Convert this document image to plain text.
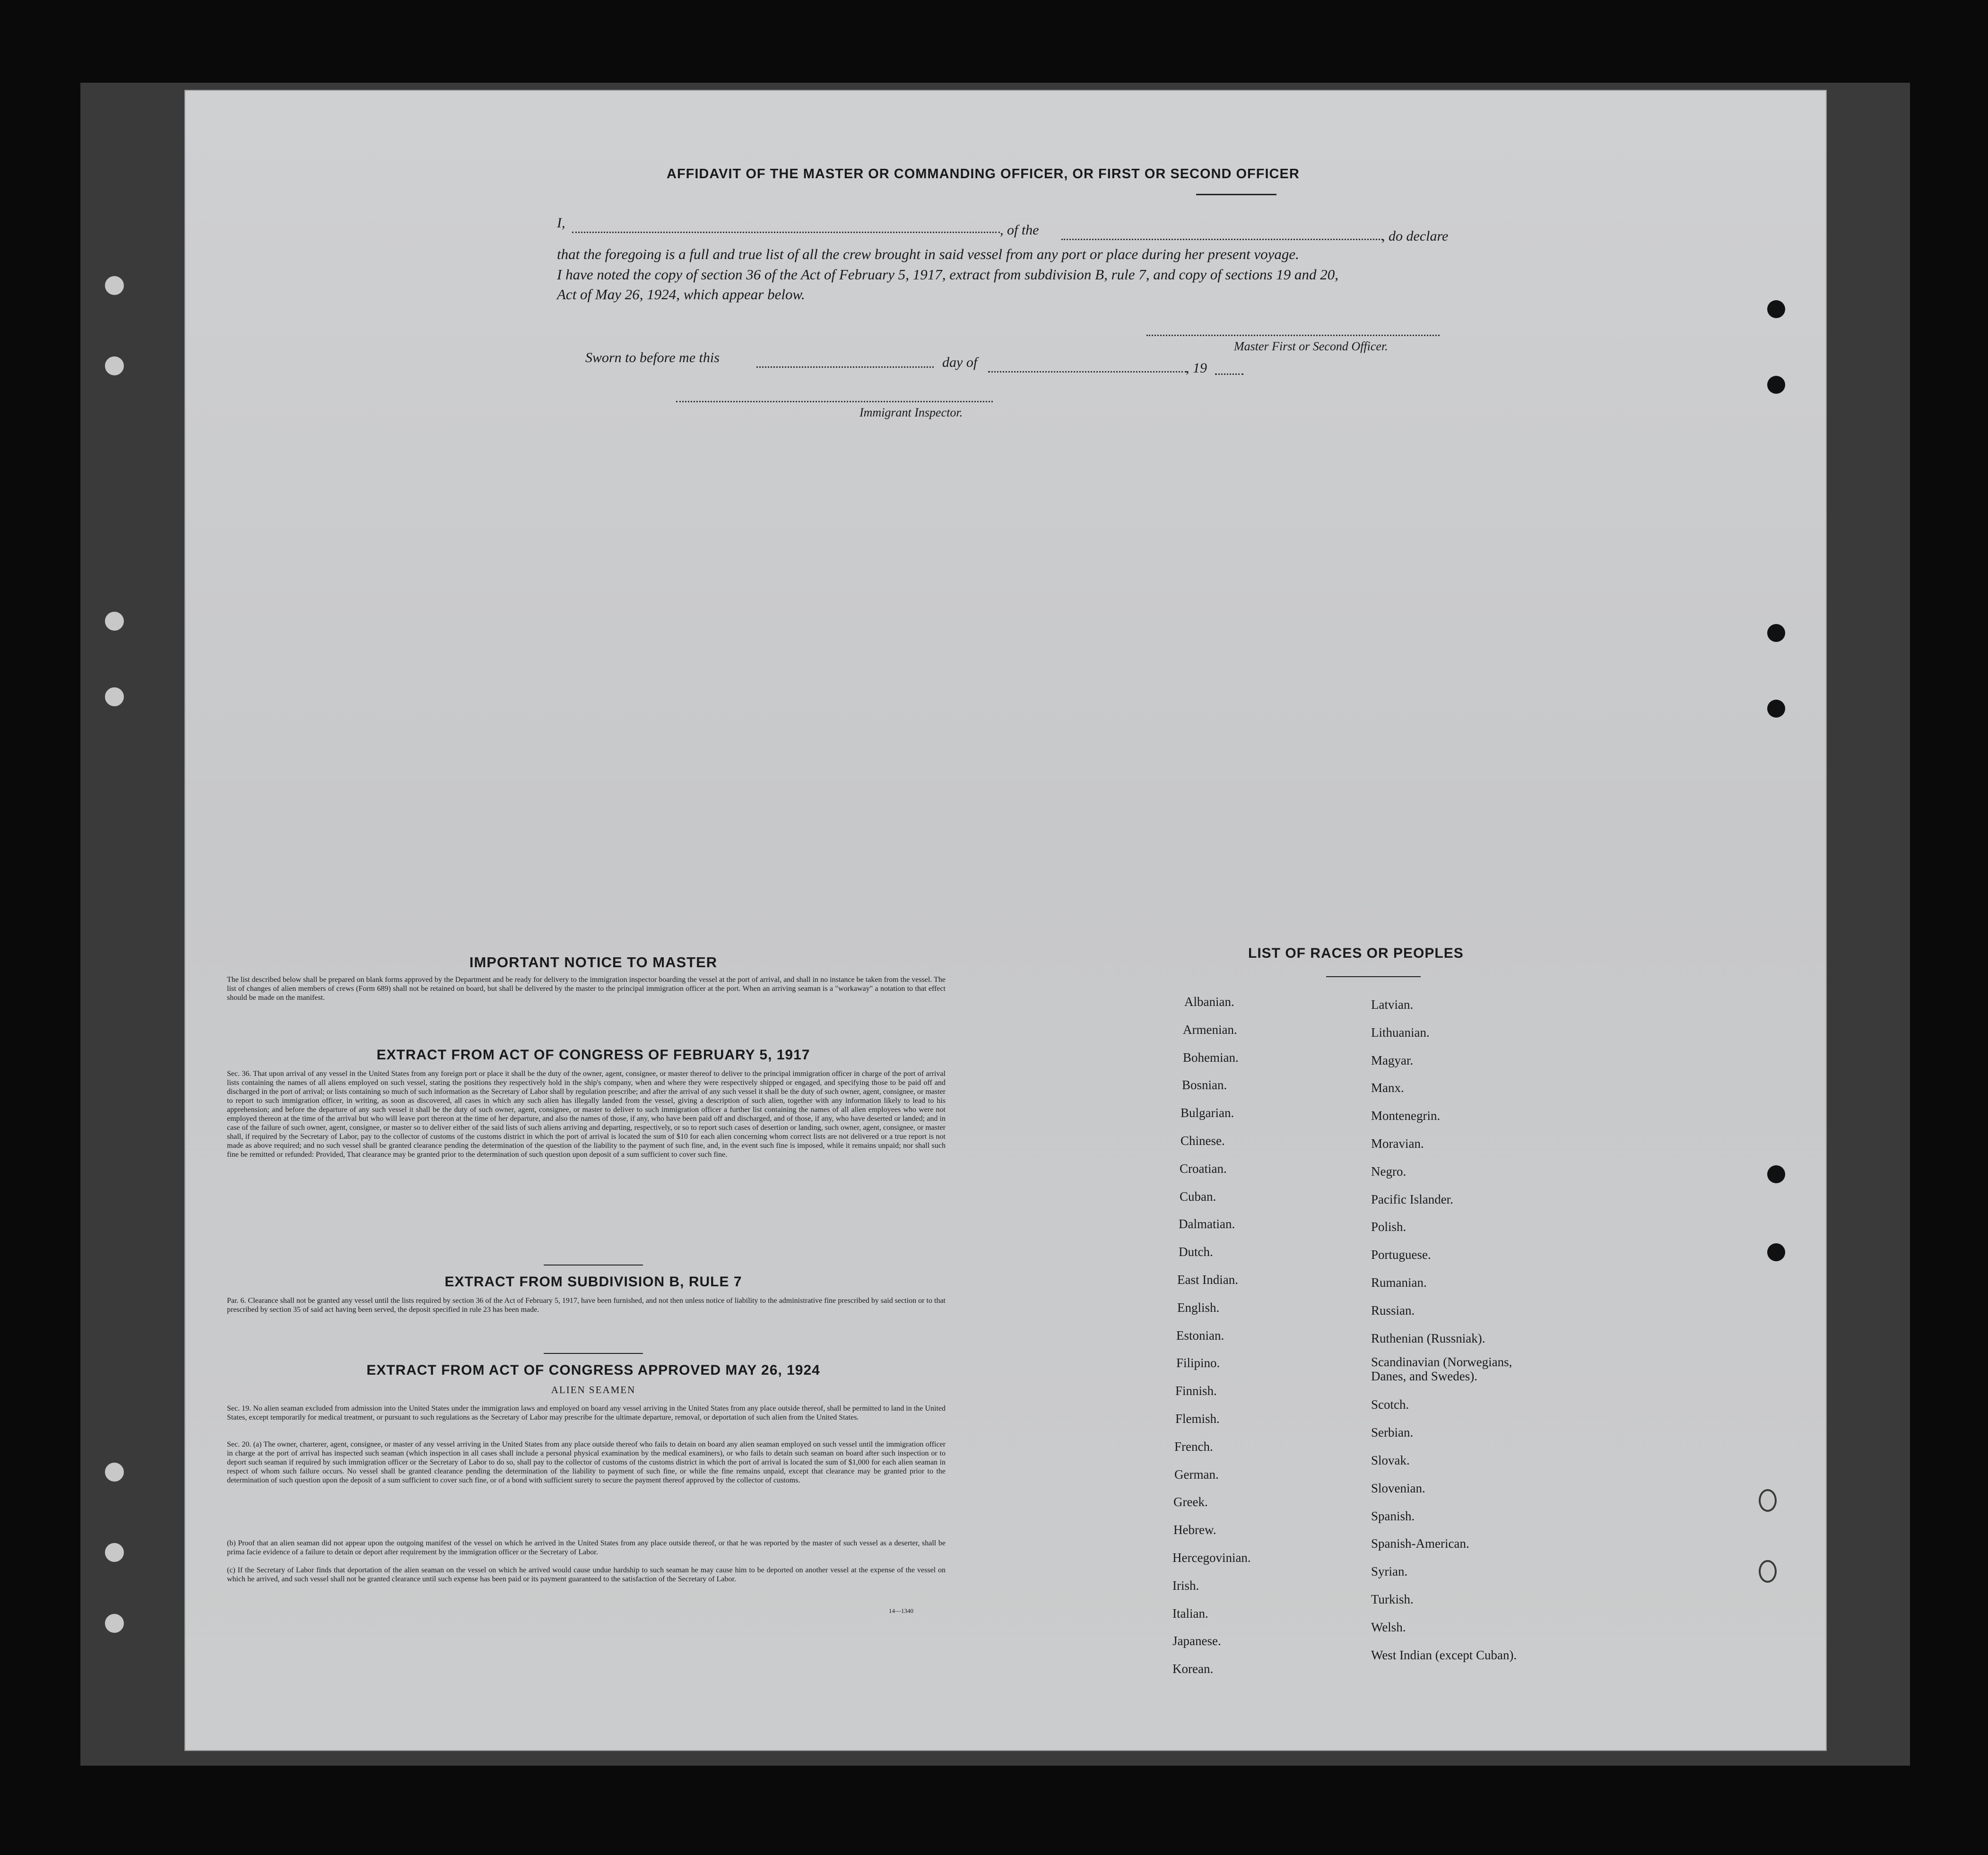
AFFIDAVIT OF THE MASTER OR COMMANDING OFFICER, OR FIRST OR SECOND OFFICER
I,	, of the	, do declare
that the foregoing is a full and true list of all the crew brought in said vessel from any port or place during her present voyage.
I have noted the copy of section 36 of the Act of February 5, 1917, extract from subdivision B, rule 7, and copy of sections 19 and 20,
Act of May 26, 1924, which appear below.
Master First or Second Officer.
Sworn to before me this	day of	, 19
Immigrant Inspector.
IMPORTANT NOTICE TO MASTER
The list described below shall be prepared on blank forms approved by the Department and be ready for delivery to the immigration inspector boarding the vessel at the port of arrival, and shall in no instance be taken from the vessel. The list of changes of alien members of crews (Form 689) shall not be retained on board, but shall be delivered by the master to the principal immigration officer at the port. When an arriving seaman is a "workaway" a notation to that effect should be made on the manifest.
EXTRACT FROM ACT OF CONGRESS OF FEBRUARY 5, 1917
Sec. 36. That upon arrival of any vessel in the United States from any foreign port or place it shall be the duty of the owner, agent, consignee, or master thereof to deliver to the principal immigration officer in charge of the port of arrival lists containing the names of all aliens employed on such vessel, stating the positions they respectively hold in the ship's company, when and where they were respectively shipped or engaged, and specifying those to be paid off and discharged in the port of arrival; or lists containing so much of such information as the Secretary of Labor shall by regulation prescribe; and after the arrival of any such vessel it shall be the duty of such owner, agent, consignee, or master to report to such immigration officer, in writing, as soon as discovered, all cases in which any such alien has illegally landed from the vessel, giving a description of such alien, together with any information likely to lead to his apprehension; and before the departure of any such vessel it shall be the duty of such owner, agent, consignee, or master to deliver to such immigration officer a further list containing the names of all alien employees who were not employed thereon at the time of the arrival but who will leave port thereon at the time of her departure, and also the names of those, if any, who have been paid off and discharged, and of those, if any, who have deserted or landed; and in case of the failure of such owner, agent, consignee, or master so to deliver either of the said lists of such aliens arriving and departing, respectively, or so to report such cases of desertion or landing, such owner, agent, consignee, or master shall, if required by the Secretary of Labor, pay to the collector of customs of the customs district in which the port of arrival is located the sum of $10 for each alien concerning whom correct lists are not delivered or a true report is not made as above required; and no such vessel shall be granted clearance pending the determination of the question of the liability to the payment of such fine, and, in the event such fine is imposed, while it remains unpaid; nor shall such fine be remitted or refunded: Provided, That clearance may be granted prior to the determination of such question upon deposit of a sum sufficient to cover such fine.
EXTRACT FROM SUBDIVISION B, RULE 7
Par. 6. Clearance shall not be granted any vessel until the lists required by section 36 of the Act of February 5, 1917, have been furnished, and not then unless notice of liability to the administrative fine prescribed by said section or to that prescribed by section 35 of said act having been served, the deposit specified in rule 23 has been made.
EXTRACT FROM ACT OF CONGRESS APPROVED MAY 26, 1924
ALIEN SEAMEN
Sec. 19. No alien seaman excluded from admission into the United States under the immigration laws and employed on board any vessel arriving in the United States from any place outside thereof, shall be permitted to land in the United States, except temporarily for medical treatment, or pursuant to such regulations as the Secretary of Labor may prescribe for the ultimate departure, removal, or deportation of such alien from the United States.
Sec. 20. (a) The owner, charterer, agent, consignee, or master of any vessel arriving in the United States from any place outside thereof who fails to detain on board any alien seaman employed on such vessel until the immigration officer in charge at the port of arrival has inspected such seaman (which inspection in all cases shall include a personal physical examination by the medical examiners), or who fails to detain such seaman on board after such inspection or to deport such seaman if required by such immigration officer or the Secretary of Labor to do so, shall pay to the collector of customs of the customs district in which the port of arrival is located the sum of $1,000 for each alien seaman in respect of whom such failure occurs. No vessel shall be granted clearance pending the determination of the liability to payment of such fine, or while the fine remains unpaid, except that clearance may be granted prior to the determination of such question upon the deposit of a sum sufficient to cover such fine, or of a bond with sufficient surety to secure the payment thereof approved by the collector of customs.
(b) Proof that an alien seaman did not appear upon the outgoing manifest of the vessel on which he arrived in the United States from any place outside thereof, or that he was reported by the master of such vessel as a deserter, shall be prima facie evidence of a failure to detain or deport after requirement by the immigration officer or the Secretary of Labor.
(c) If the Secretary of Labor finds that deportation of the alien seaman on the vessel on which he arrived would cause undue hardship to such seaman he may cause him to be deported on another vessel at the expense of the vessel on which he arrived, and such vessel shall not be granted clearance until such expense has been paid or its payment guaranteed to the satisfaction of the Secretary of Labor.
14—1340
LIST OF RACES OR PEOPLES
Albanian.
Armenian.
Bohemian.
Bosnian.
Bulgarian.
Chinese.
Croatian.
Cuban.
Dalmatian.
Dutch.
East Indian.
English.
Estonian.
Filipino.
Finnish.
Flemish.
French.
German.
Greek.
Hebrew.
Hercegovinian.
Irish.
Italian.
Japanese.
Korean.
Latvian.
Lithuanian.
Magyar.
Manx.
Montenegrin.
Moravian.
Negro.
Pacific Islander.
Polish.
Portuguese.
Rumanian.
Russian.
Ruthenian (Russniak).
Scandinavian (Norwegians, Danes, and Swedes).
Scotch.
Serbian.
Slovak.
Slovenian.
Spanish.
Spanish-American.
Syrian.
Turkish.
Welsh.
West Indian (except Cuban).
